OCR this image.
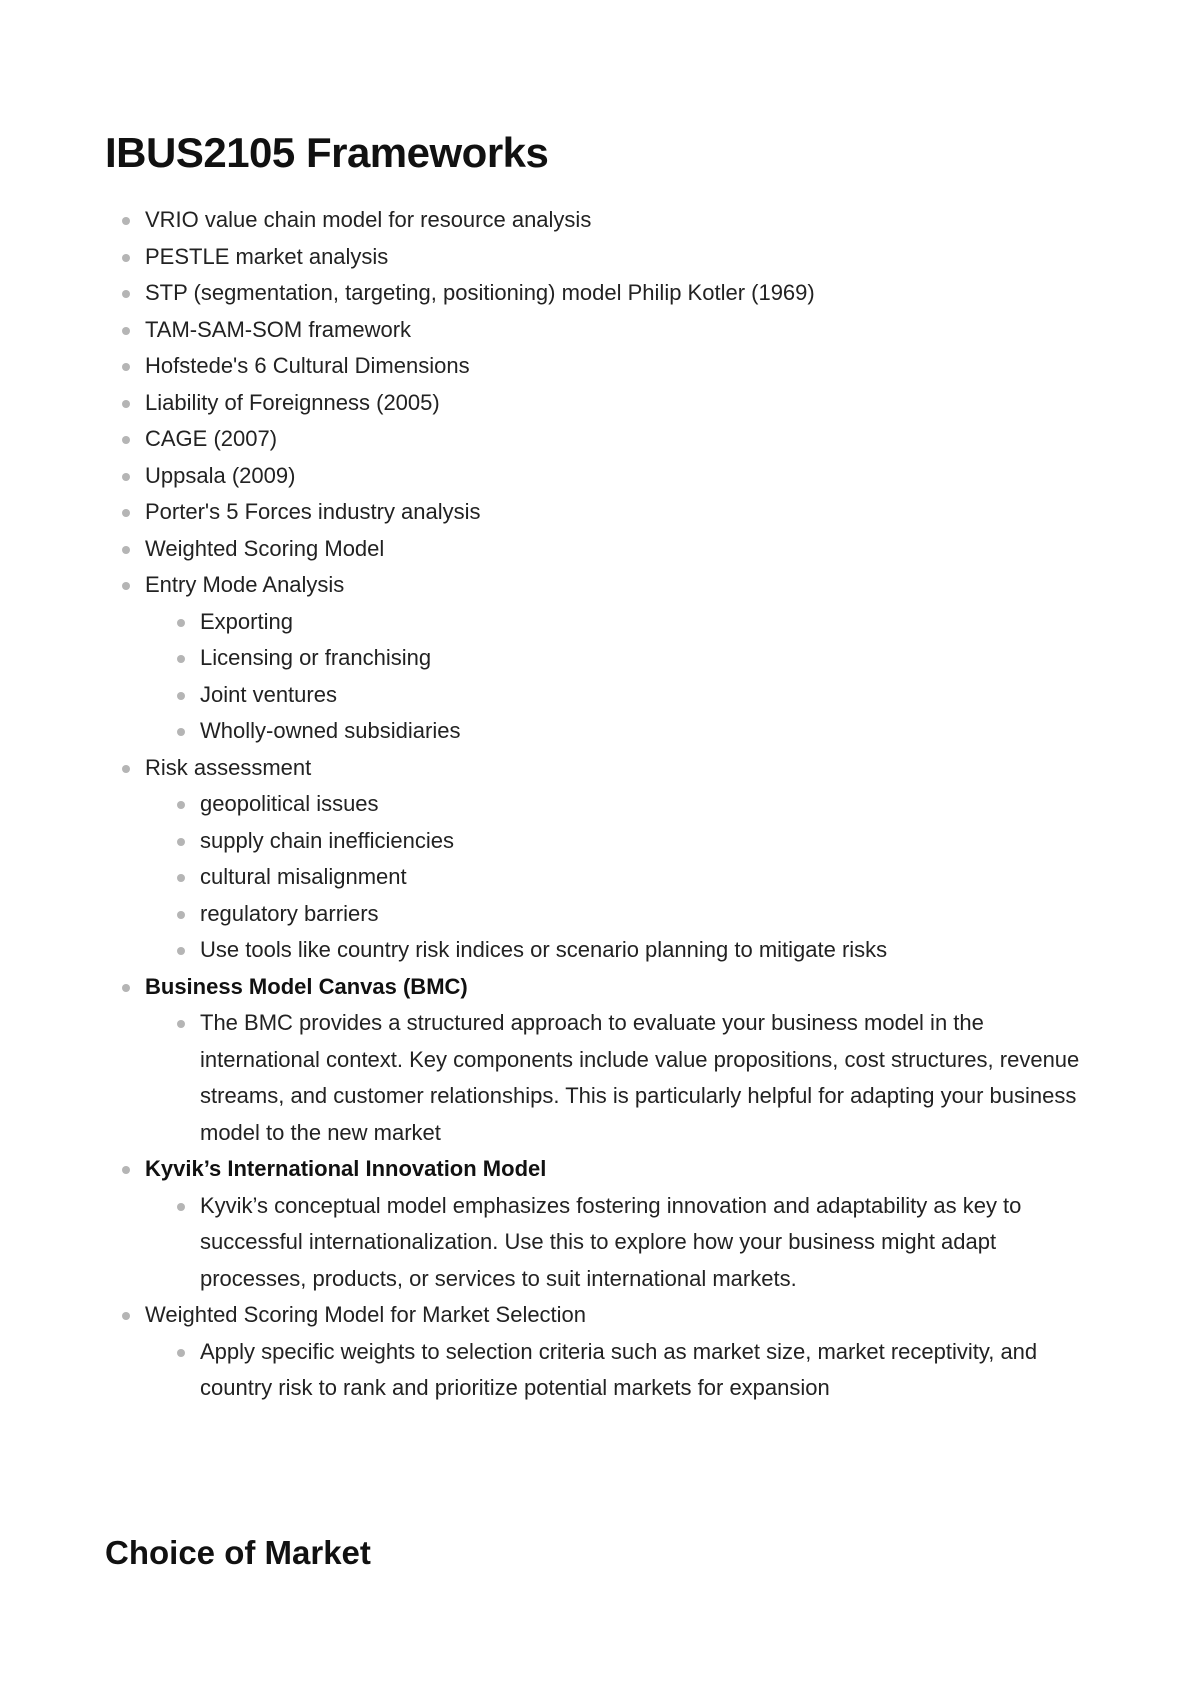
IBUS2105 Frameworks
VRIO value chain model for resource analysis
PESTLE market analysis
STP (segmentation, targeting, positioning) model Philip Kotler (1969)
TAM-SAM-SOM framework
Hofstede's 6 Cultural Dimensions
Liability of Foreignness (2005)
CAGE (2007)
Uppsala (2009)
Porter's 5 Forces industry analysis
Weighted Scoring Model
Entry Mode Analysis
Exporting
Licensing or franchising
Joint ventures
Wholly-owned subsidiaries
Risk assessment
geopolitical issues
supply chain inefficiencies
cultural misalignment
regulatory barriers
Use tools like country risk indices or scenario planning to mitigate risks
Business Model Canvas (BMC)
The BMC provides a structured approach to evaluate your business model in the international context. Key components include value propositions, cost structures, revenue streams, and customer relationships. This is particularly helpful for adapting your business model to the new market
Kyvik’s International Innovation Model
Kyvik’s conceptual model emphasizes fostering innovation and adaptability as key to successful internationalization. Use this to explore how your business might adapt processes, products, or services to suit international markets.
Weighted Scoring Model for Market Selection
Apply specific weights to selection criteria such as market size, market receptivity, and country risk to rank and prioritize potential markets for expansion
Choice of Market
